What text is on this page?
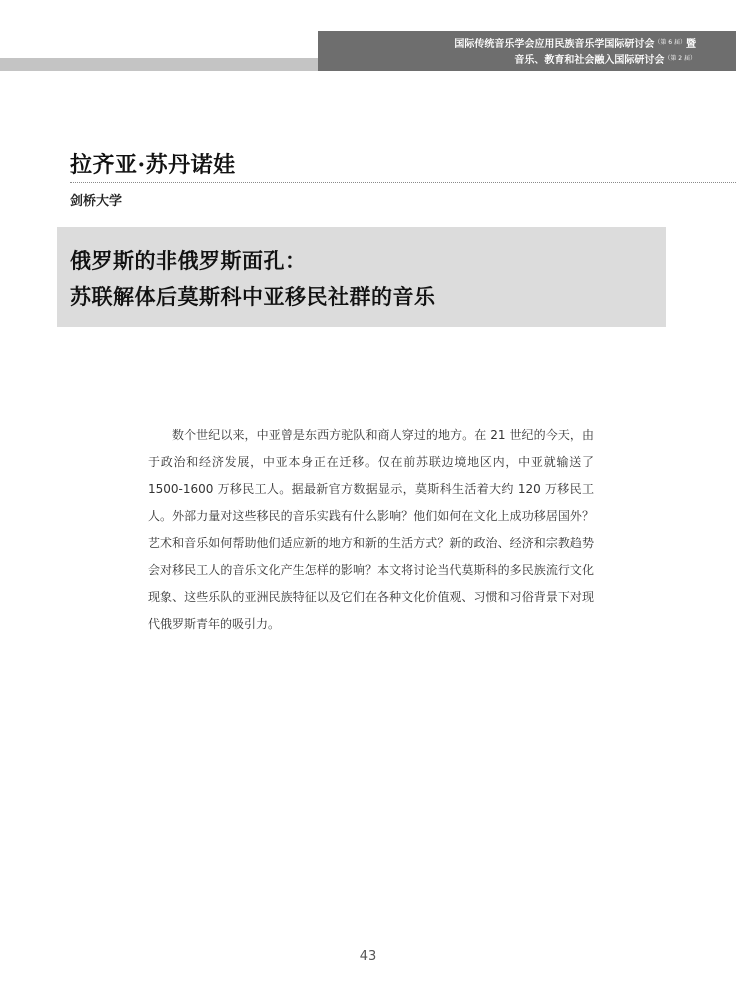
国际传统音乐学会应用民族音乐学国际研讨会$^{(第 6 届)}$暨
音乐、教育和社会融入国际研讨会$^{(第 2 届)}$
拉齐亚·苏丹诺娃
剑桥大学
俄罗斯的非俄罗斯面孔：
苏联解体后莫斯科中亚移民社群的音乐

数个世纪以来，中亚曾是东西方驼队和商人穿过的地方。在 21 世纪的今天，由于政治和经济发展，中亚本身正在迁移。仅在前苏联边境地区内，中亚就输送了 1500-1600 万移民工人。据最新官方数据显示，莫斯科生活着大约 120 万移民工人。外部力量对这些移民的音乐实践有什么影响？他们如何在文化上成功移居国外？艺术和音乐如何帮助他们适应新的地方和新的生活方式？新的政治、经济和宗教趋势会对移民工人的音乐文化产生怎样的影响？本文将讨论当代莫斯科的多民族流行文化现象、这些乐队的亚洲民族特征以及它们在各种文化价值观、习惯和习俗背景下对现代俄罗斯青年的吸引力。

43
